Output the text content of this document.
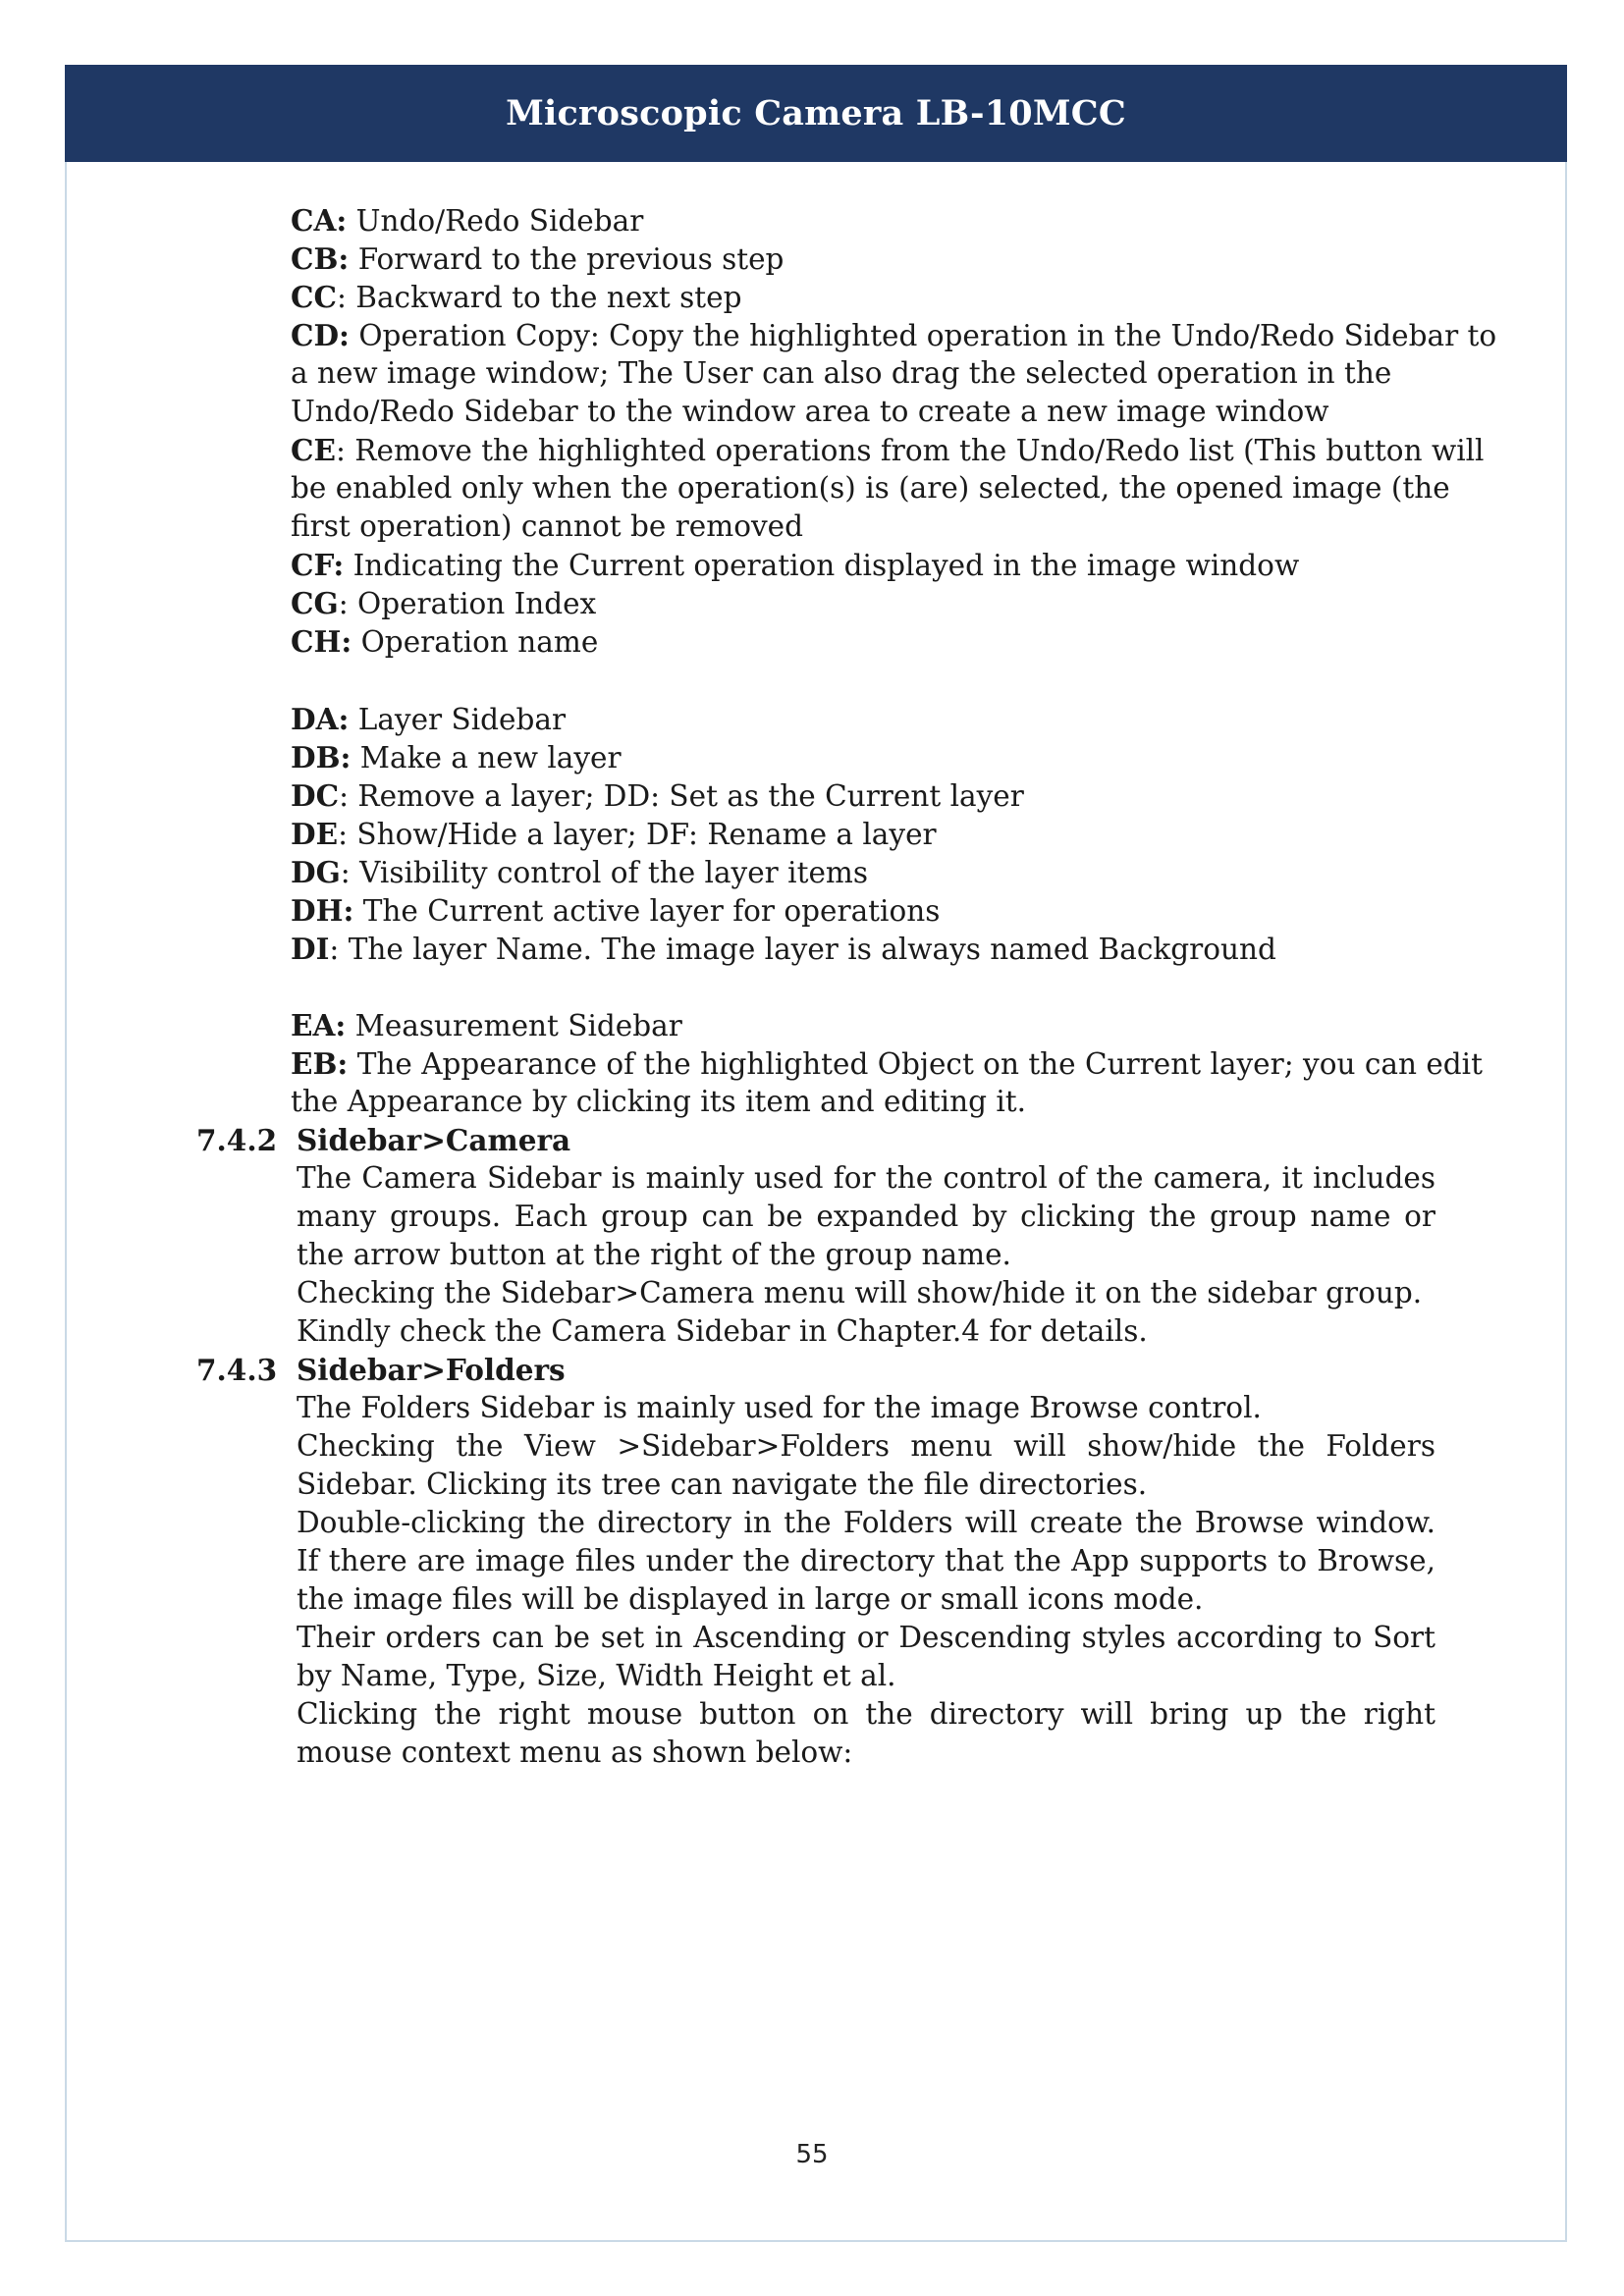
Microscopic Camera LB-10MCC
CA: Undo/Redo Sidebar
CB: Forward to the previous step
CC: Backward to the next step
CD: Operation Copy: Copy the highlighted operation in the Undo/Redo Sidebar to
a new image window; The User can also drag the selected operation in the
Undo/Redo Sidebar to the window area to create a new image window
CE: Remove the highlighted operations from the Undo/Redo list (This button will
be enabled only when the operation(s) is (are) selected, the opened image (the
first operation) cannot be removed
CF: Indicating the Current operation displayed in the image window
CG: Operation Index
CH: Operation name
DA: Layer Sidebar
DB: Make a new layer
DC: Remove a layer; DD: Set as the Current layer
DE: Show/Hide a layer; DF: Rename a layer
DG: Visibility control of the layer items
DH: The Current active layer for operations
DI: The layer Name. The image layer is always named Background
EA: Measurement Sidebar
EB: The Appearance of the highlighted Object on the Current layer; you can edit
the Appearance by clicking its item and editing it.
7.4.2 Sidebar>Camera
The Camera Sidebar is mainly used for the control of the camera, it includes many groups. Each group can be expanded by clicking the group name or the arrow button at the right of the group name.
Checking the Sidebar>Camera menu will show/hide it on the sidebar group.
Kindly check the Camera Sidebar in Chapter.4 for details.
7.4.3 Sidebar>Folders
The Folders Sidebar is mainly used for the image Browse control.
Checking the View >Sidebar>Folders menu will show/hide the Folders Sidebar. Clicking its tree can navigate the file directories.
Double-clicking the directory in the Folders will create the Browse window. If there are image files under the directory that the App supports to Browse, the image files will be displayed in large or small icons mode.
Their orders can be set in Ascending or Descending styles according to Sort by Name, Type, Size, Width Height et al.
Clicking the right mouse button on the directory will bring up the right mouse context menu as shown below:
55
